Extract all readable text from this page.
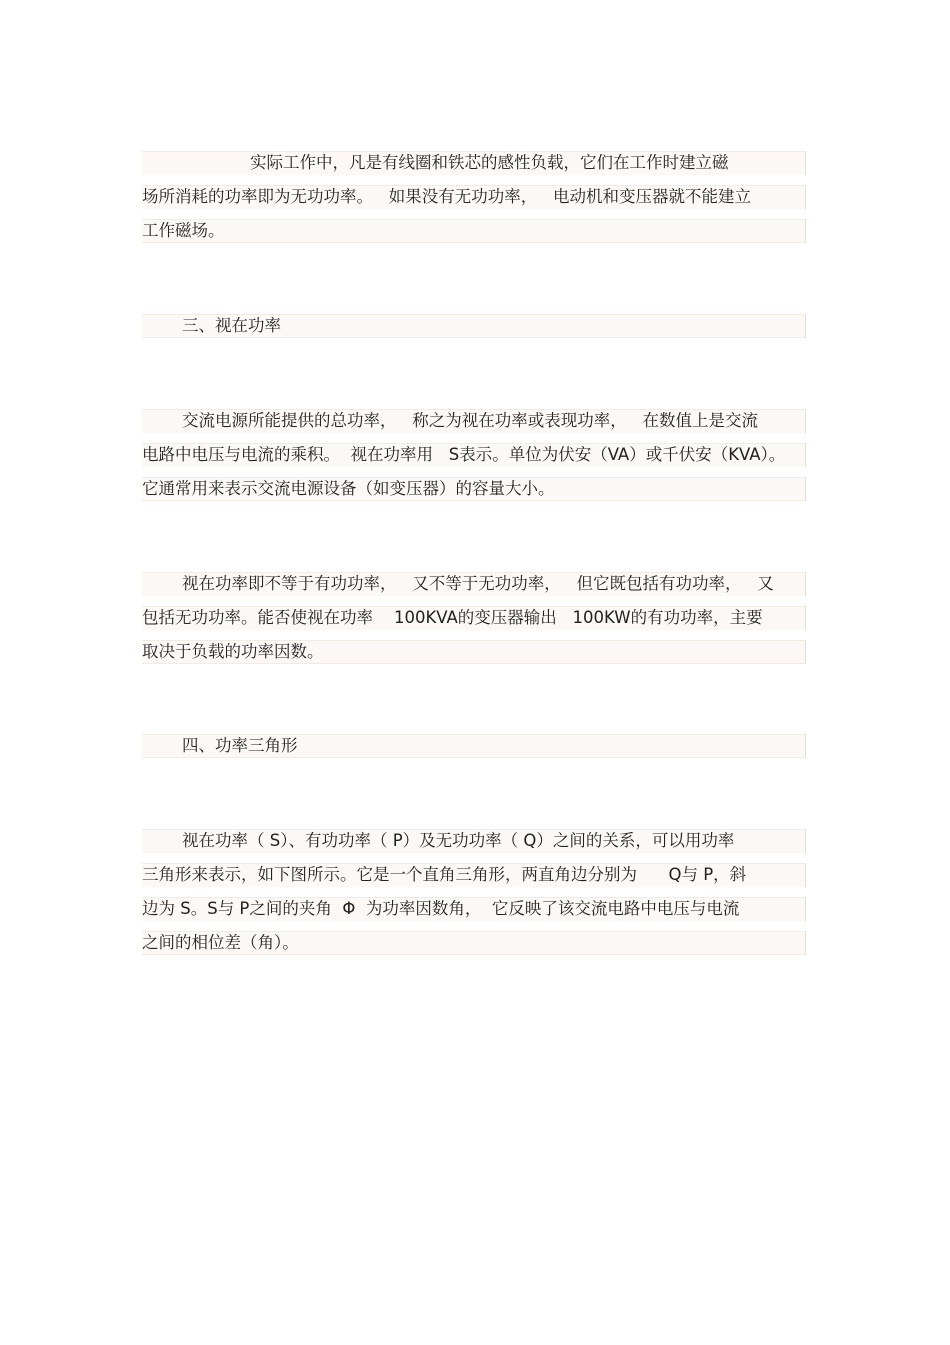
实际工作中，凡是有线圈和铁芯的感性负载，它们在工作时建立磁
场所消耗的功率即为无功功率。   如果没有无功功率，   电动机和变压器就不能建立
工作磁场。
三、视在功率
交流电源所能提供的总功率，   称之为视在功率或表现功率，   在数值上是交流
电路中电压与电流的乘积。  视在功率用   S表示。单位为伏安（VA）或千伏安（KVA）。
它通常用来表示交流电源设备（如变压器）的容量大小。
视在功率即不等于有功功率，   又不等于无功功率，   但它既包括有功功率，   又
包括无功功率。能否使视在功率    100KVA的变压器输出   100KW的有功功率，主要
取决于负载的功率因数。
四、功率三角形
视在功率（ S）、有功功率（ P）及无功功率（ Q）之间的关系，可以用功率
三角形来表示，如下图所示。它是一个直角三角形，两直角边分别为      Q与 P，斜
边为 S。S与 P之间的夹角  Φ  为功率因数角，  它反映了该交流电路中电压与电流
之间的相位差（角）。
